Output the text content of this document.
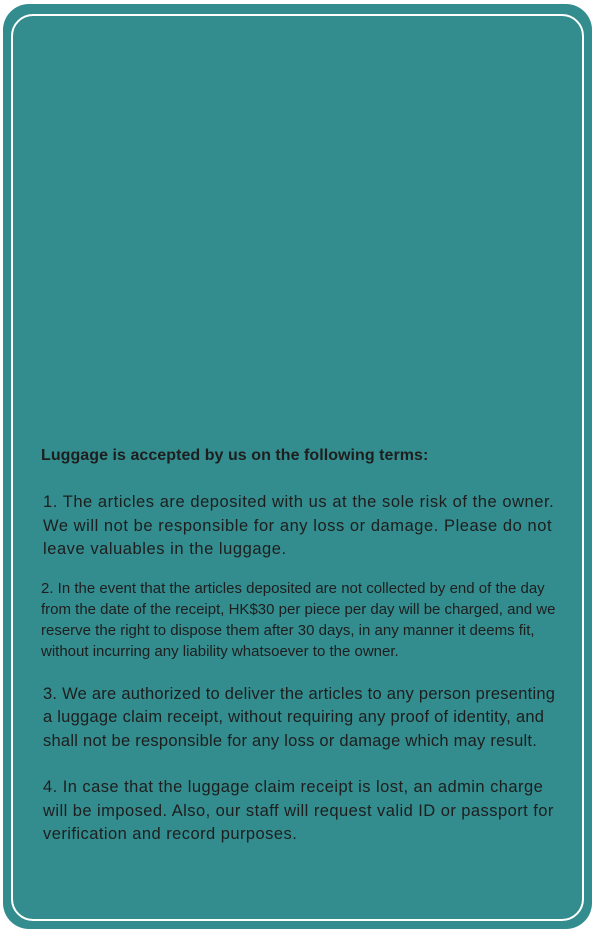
Luggage is accepted by us on the following terms:

1. The articles are deposited with us at the sole risk of the owner. We will not be responsible for any loss or damage. Please do not leave valuables in the luggage.

2. In the event that the articles deposited are not collected by end of the day from the date of the receipt, HK$30 per piece per day will be charged, and we reserve the right to dispose them after 30 days, in any manner it deems fit, without incurring any liability whatsoever to the owner.

3. We are authorized to deliver the articles to any person presenting a luggage claim receipt, without requiring any proof of identity, and shall not be responsible for any loss or damage which may result.

4. In case that the luggage claim receipt is lost, an admin charge will be imposed. Also, our staff will request valid ID or passport for verification and record purposes.
